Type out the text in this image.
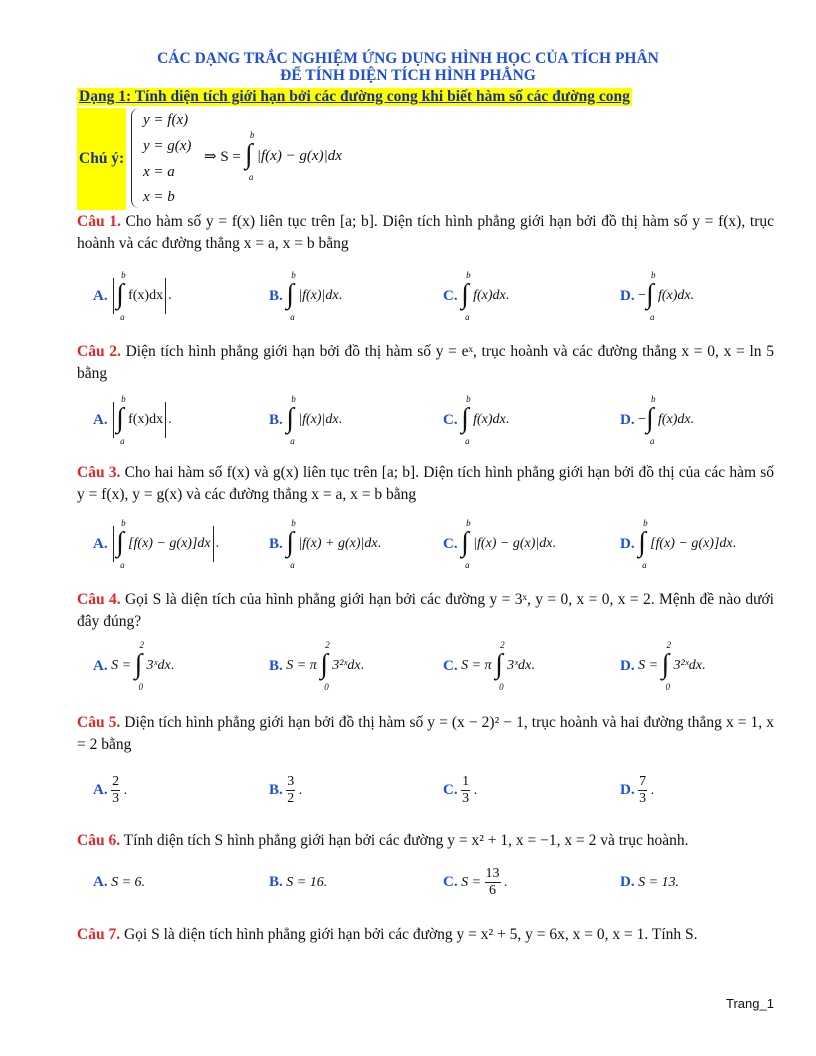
CÁC DẠNG TRẮC NGHIỆM ỨNG DỤNG HÌNH HỌC CỦA TÍCH PHÂN
ĐỂ TÍNH DIỆN TÍCH HÌNH PHẲNG
Dạng 1: Tính diện tích giới hạn bởi các đường cong khi biết hàm số các đường cong
Chú ý:
y = f(x)
y = g(x)
x = a
x = b
⇒ S = ∫
b
a
|f(x) − g(x)|dx
Câu 1. Cho hàm số y = f(x) liên tục trên [a; b]. Diện tích hình phẳng giới hạn bởi đồ thị hàm số y = f(x), trục hoành và các đường thẳng x = a, x = b bằng
A.
∫
b
a
f(x)dx .	B.
∫
b
a
|f(x)|dx .	C.
∫
b
a
f(x)dx .	D.
− ∫
b
a
f(x)dx.
Câu 2. Diện tích hình phẳng giới hạn bởi đồ thị hàm số y = eˣ, trục hoành và các đường thẳng x = 0, x = ln 5 bằng
A.
∫
b
a
f(x)dx .	B.
∫
b
a
|f(x)|dx .	C.
∫
b
a
f(x)dx .	D.
− ∫
b
a
f(x)dx.
Câu 3. Cho hai hàm số f(x) và g(x) liên tục trên [a; b]. Diện tích hình phẳng giới hạn bởi đồ thị của các hàm số y = f(x), y = g(x) và các đường thẳng x = a, x = b bằng
A.
∫
b
a
[f(x) − g(x)]dx .	B.
∫
b
a
|f(x) + g(x)|dx .	C.
∫
b
a
|f(x) − g(x)|dx .	D.
∫
b
a
[f(x) − g(x)]dx .
Câu 4. Gọi S là diện tích của hình phẳng giới hạn bởi các đường y = 3ˣ, y = 0, x = 0, x = 2. Mệnh đề nào dưới đây đúng?
A.
S =
∫
2
0
3ˣdx .	B.
S = π
∫
2
0
3²ˣdx .	C.
S = π
∫
2
0
3ˣdx .	D.
S =
∫
2
0
3²ˣdx .
Câu 5. Diện tích hình phẳng giới hạn bởi đồ thị hàm số y = (x − 2)² − 1, trục hoành và hai đường thẳng x = 1, x = 2 bằng
A.
$\frac{2}{3}$ .	B.
$\frac{3}{2}$ .	C.
$\frac{1}{3}$ .	D.
$\frac{7}{3}$ .
Câu 6. Tính diện tích S hình phẳng giới hạn bởi các đường y = x² + 1, x = −1, x = 2 và trục hoành.
A.
S = 6.	B.
S = 16.	C.
S =
$\frac{13}{6}$ .	D.
S = 13.
Câu 7. Gọi S là diện tích hình phẳng giới hạn bởi các đường y = x² + 5, y = 6x, x = 0, x = 1. Tính S.
Trang_1
